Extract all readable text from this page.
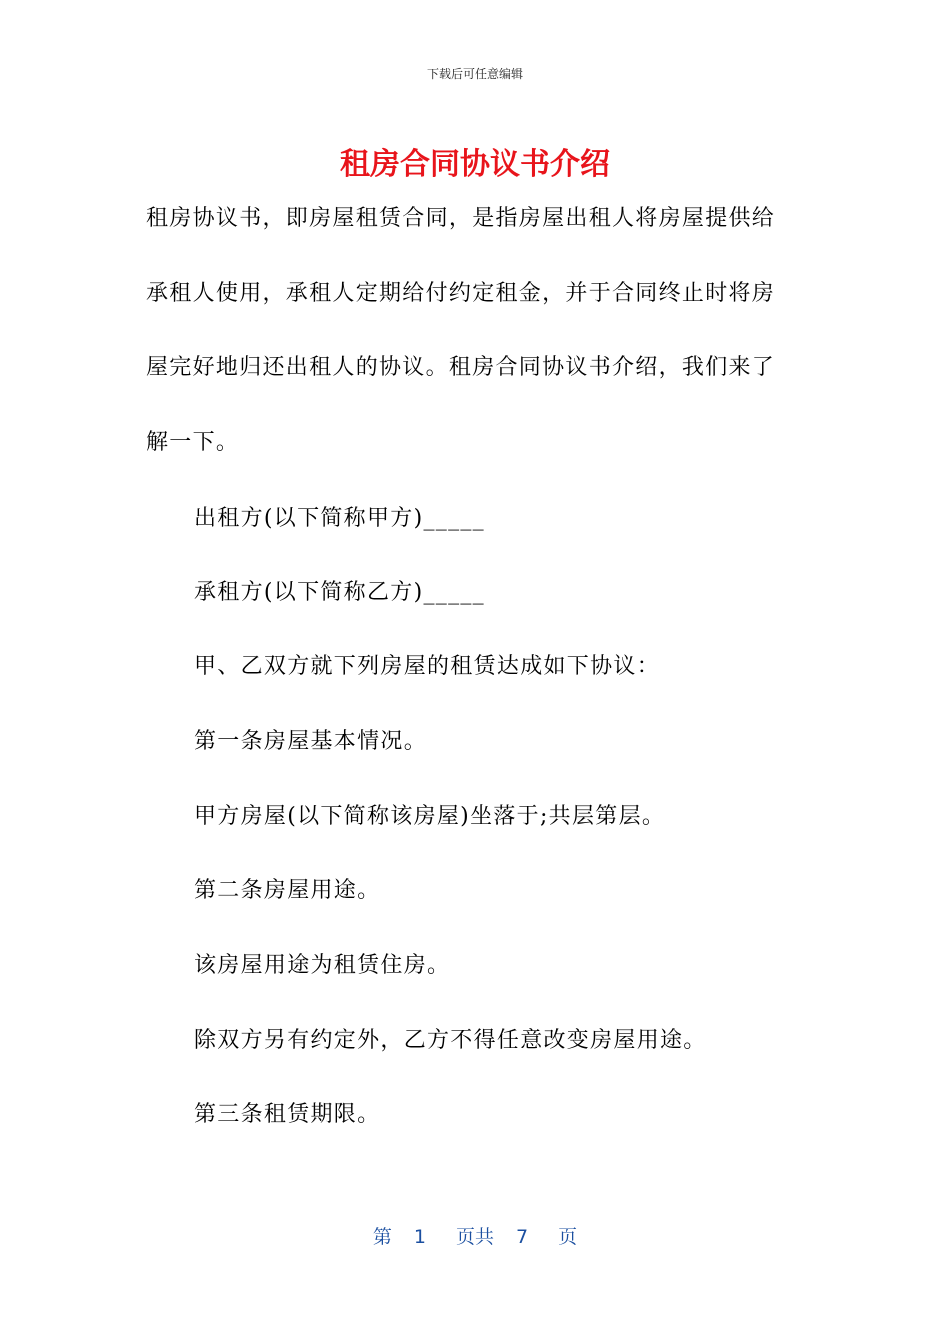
下载后可任意编辑
租房合同协议书介绍

租房协议书，即房屋租赁合同，是指房屋出租人将房屋提供给承租人使用，承租人定期给付约定租金，并于合同终止时将房屋完好地归还出租人的协议。租房合同协议书介绍，我们来了解一下。

出租方(以下简称甲方)_____

承租方(以下简称乙方)_____

甲、乙双方就下列房屋的租赁达成如下协议：

第一条房屋基本情况。

甲方房屋(以下简称该房屋)坐落于;共层第层。

第二条房屋用途。

该房屋用途为租赁住房。

除双方另有约定外，乙方不得任意改变房屋用途。

第三条租赁期限。

第 1 页共 7 页
